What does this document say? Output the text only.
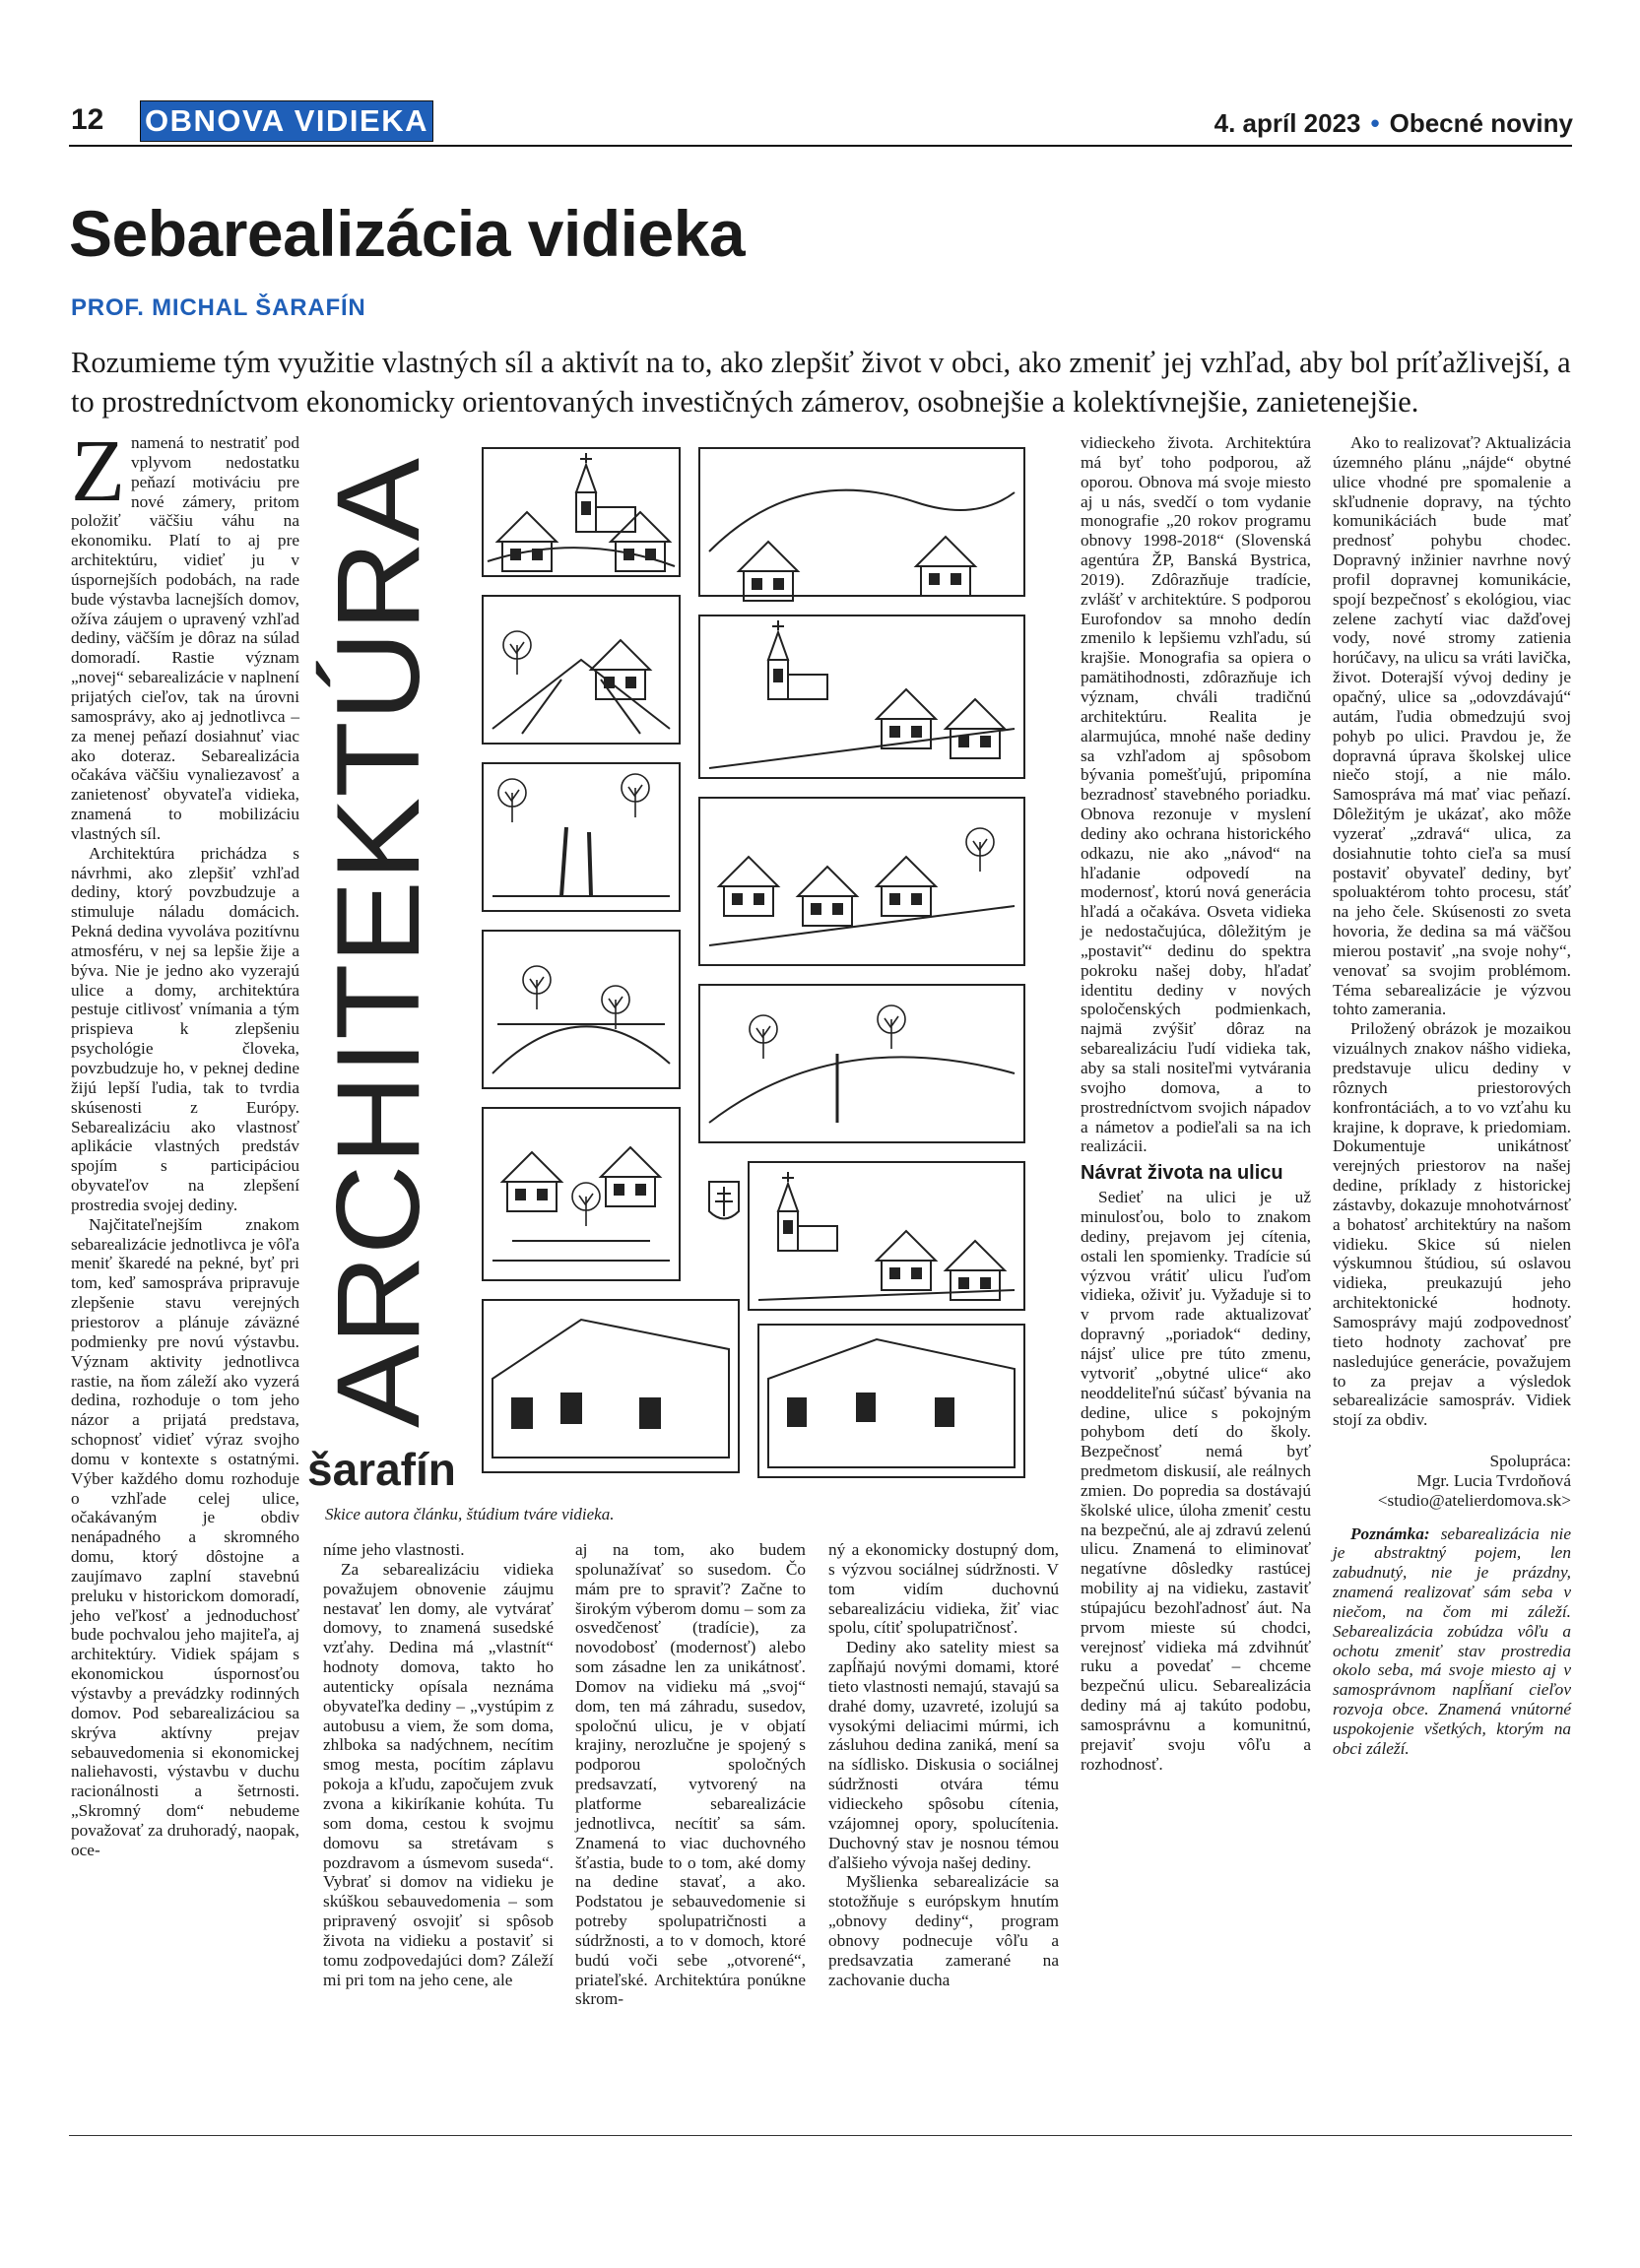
12 OBNOVA VIDIEKA	4. apríl 2023 • Obecné noviny
Sebarealizácia vidieka
PROF. MICHAL ŠARAFÍN
Rozumieme tým využitie vlastných síl a aktivít na to, ako zlepšiť život v obci, ako zmeniť jej vzhľad, aby bol príťažlivejší, a to prostredníctvom ekonomicky orientovaných investičných zámerov, osobnejšie a kolektívnejšie, zanietenejšie.

Znamená to nestratiť pod vplyvom nedostatku peňazí motiváciu pre nové zámery, pritom položiť väčšiu váhu na ekonomiku. Platí to aj pre architektúru, vidieť ju v úspornejších podobách, na rade bude výstavba lacnejších domov, ožíva záujem o upravený vzhľad dediny, väčším je dôraz na súlad domoradí. Rastie význam „novej“ sebarealizácie v naplnení prijatých cieľov, tak na úrovni samosprávy, ako aj jednotlivca – za menej peňazí dosiahnuť viac ako doteraz. Sebarealizácia očakáva väčšiu vynaliezavosť a zanietenosť obyvateľa vidieka, znamená to mobilizáciu vlastných síl.

Architektúra prichádza s návrhmi, ako zlepšiť vzhľad dediny, ktorý povzbudzuje a stimuluje náladu domácich. Pekná dedina vyvoláva pozitívnu atmosféru, v nej sa lepšie žije a býva. Nie je jedno ako vyzerajú ulice a domy, architektúra pestuje citlivosť vnímania a tým prispieva k zlepšeniu psychológie človeka, povzbudzuje ho, v peknej dedine žijú lepší ľudia, tak to tvrdia skúsenosti z Európy. Sebarealizáciu ako vlastnosť aplikácie vlastných predstáv spojím s participáciou obyvateľov na zlepšení prostredia svojej dediny.

Najčitateľnejším znakom sebarealizácie jednotlivca je vôľa meniť škaredé na pekné, byť pri tom, keď samospráva pripravuje zlepšenie stavu verejných priestorov a plánuje záväzné podmienky pre novú výstavbu. Význam aktivity jednotlivca rastie, na ňom záleží ako vyzerá dedina, rozhoduje o tom jeho názor a prijatá predstava, schopnosť vidieť výraz svojho domu v kontexte s ostatnými. Výber každého domu rozhoduje o vzhľade celej ulice, očakávaným je obdiv nenápadného a skromného domu, ktorý dôstojne a zaujímavo zaplní stavebnú preluku v historickom domoradí, jeho veľkosť a jednoduchosť bude pochvalou jeho majiteľa, aj architektúry. Vidiek spájam s ekonomickou úspornosťou výstavby a prevádzky rodinných domov. Pod sebarealizáciou sa skrýva aktívny prejav sebauvedomenia si ekonomickej naliehavosti, výstavbu v duchu racionálnosti a šetrnosti. „Skromný dom“ nebudeme považovať za druhoradý, naopak, oce-

ARCHITEKTÚRA
šarafín
Skice autora článku, štúdium tváre vidieka.

níme jeho vlastnosti.

Za sebarealizáciu vidieka považujem obnovenie záujmu nestavať len domy, ale vytvárať domovy, to znamená susedské vzťahy. Dedina má „vlastnít“ hodnoty domova, takto ho autenticky opísala neznáma obyvateľka dediny – „vystúpim z autobusu a viem, že som doma, zhlboka sa nadýchnem, necítim smog mesta, pocítim záplavu pokoja a kľudu, započujem zvuk zvona a kikiríkanie kohúta. Tu som doma, cestou k svojmu domovu sa stretávam s pozdravom a úsmevom suseda“. Vybrať si domov na vidieku je skúškou sebauvedomenia – som pripravený osvojiť si spôsob života na vidieku a postaviť si tomu zodpovedajúci dom? Záleží mi pri tom na jeho cene, ale

aj na tom, ako budem spolunažívať so susedom. Čo mám pre to spraviť? Začne to širokým výberom domu – som za osvedčenosť (tradície), za novodobosť (modernosť) alebo som zásadne len za unikátnosť. Domov na vidieku má „svoj“ dom, ten má záhradu, susedov, spoločnú ulicu, je v objatí krajiny, nerozlučne je spojený s podporou spoločných predsavzatí, vytvorený na platforme sebarealizácie jednotlivca, necítiť sa sám. Znamená to viac duchovného šťastia, bude to o tom, aké domy na dedine stavať, a ako. Podstatou je sebauvedomenie si potreby spolupatričnosti a súdržnosti, a to v domoch, ktoré budú voči sebe „otvorené“, priateľské. Architektúra ponúkne skrom-

ný a ekonomicky dostupný dom, s výzvou sociálnej súdržnosti. V tom vidím duchovnú sebarealizáciu vidieka, žiť viac spolu, cítiť spolupatričnosť.

Dediny ako satelity miest sa zapĺňajú novými domami, ktoré tieto vlastnosti nemajú, stavajú sa drahé domy, uzavreté, izolujú sa vysokými deliacimi múrmi, ich zásluhou dedina zaniká, mení sa na sídlisko. Diskusia o sociálnej súdržnosti otvára tému vidieckeho spôsobu cítenia, vzájomnej opory, spolucítenia. Duchovný stav je nosnou témou ďalšieho vývoja našej dediny.

Myšlienka sebarealizácie sa stotožňuje s európskym hnutím „obnovy dediny“, program obnovy podnecuje vôľu a predsavzatia zamerané na zachovanie ducha

vidieckeho života. Architektúra má byť toho podporou, až oporou. Obnova má svoje miesto aj u nás, svedčí o tom vydanie monografie „20 rokov programu obnovy 1998-2018“ (Slovenská agentúra ŽP, Banská Bystrica, 2019). Zdôrazňuje tradície, zvlášť v architektúre. S podporou Eurofondov sa mnoho dedín zmenilo k lepšiemu vzhľadu, sú krajšie. Monografia sa opiera o pamätihodnosti, zdôrazňuje ich význam, chváli tradičnú architektúru. Realita je alarmujúca, mnohé naše dediny sa vzhľadom aj spôsobom bývania pomešťujú, pripomína bezradnosť stavebného poriadku. Obnova rezonuje v myslení dediny ako ochrana historického odkazu, nie ako „návod“ na hľadanie odpovedí na modernosť, ktorú nová generácia hľadá a očakáva. Osveta vidieka je nedostačujúca, dôležitým je „postaviť“ dedinu do spektra pokroku našej doby, hľadať identitu dediny v nových spoločenských podmienkach, najmä zvýšiť dôraz na sebarealizáciu ľudí vidieka tak, aby sa stali nositeľmi vytvárania svojho domova, a to prostredníctvom svojich nápadov a námetov a podieľali sa na ich realizácii.

Návrat života na ulicu

Sedieť na ulici je už minulosťou, bolo to znakom dediny, prejavom jej cítenia, ostali len spomienky. Tradície sú výzvou vrátiť ulicu ľuďom vidieka, oživiť ju. Vyžaduje si to v prvom rade aktualizovať dopravný „poriadok“ dediny, nájsť ulice pre túto zmenu, vytvoriť „obytné ulice“ ako neoddeliteľnú súčasť bývania na dedine, ulice s pokojným pohybom detí do školy. Bezpečnosť nemá byť predmetom diskusií, ale reálnych zmien. Do popredia sa dostávajú školské ulice, úloha zmeniť cestu na bezpečnú, ale aj zdravú zelenú ulicu. Znamená to eliminovať negatívne dôsledky rastúcej mobility aj na vidieku, zastaviť stúpajúcu bezohľadnosť áut. Na prvom mieste sú chodci, verejnosť vidieka má zdvihnúť ruku a povedať – chceme bezpečnú ulicu. Sebarealizácia dediny má aj takúto podobu, samosprávnu a komunitnú, prejaviť svoju vôľu a rozhodnosť.

Ako to realizovať? Aktualizácia územného plánu „nájde“ obytné ulice vhodné pre spomalenie a skľudnenie dopravy, na týchto komunikáciách bude mať prednosť pohybu chodec. Dopravný inžinier navrhne nový profil dopravnej komunikácie, spojí bezpečnosť s ekológiou, viac zelene zachytí viac dažďovej vody, nové stromy zatienia horúčavy, na ulicu sa vráti lavička, život. Doterajší vývoj dediny je opačný, ulice sa „odovzdávajú“ autám, ľudia obmedzujú svoj pohyb po ulici. Pravdou je, že dopravná úprava školskej ulice niečo stojí, a nie málo. Samospráva má mať viac peňazí. Dôležitým je ukázať, ako môže vyzerať „zdravá“ ulica, za dosiahnutie tohto cieľa sa musí postaviť obyvateľ dediny, byť spoluaktérom tohto procesu, stáť na jeho čele. Skúsenosti zo sveta hovoria, že dedina sa má väčšou mierou postaviť „na svoje nohy“, venovať sa svojim problémom. Téma sebarealizácie je výzvou tohto zamerania.

Priložený obrázok je mozaikou vizuálnych znakov nášho vidieka, predstavuje ulicu dediny v rôznych priestorových konfrontáciách, a to vo vzťahu ku krajine, k doprave, k priedomiam. Dokumentuje unikátnosť verejných priestorov na našej dedine, príklady z historickej zástavby, dokazuje mnohotvárnosť a bohatosť architektúry na našom vidieku. Skice sú nielen výskumnou štúdiou, sú oslavou vidieka, preukazujú jeho architektonické hodnoty. Samosprávy majú zodpovednosť tieto hodnoty zachovať pre nasledujúce generácie, považujem to za prejav a výsledok sebarealizácie samospráv. Vidiek stojí za obdiv.

Spolupráca:

Mgr. Lucia Tvrdoňová

<studio@atelierdomova.sk>

Poznámka: sebarealizácia nie je abstraktný pojem, len zabudnutý, nie je prázdny, znamená realizovať sám seba v niečom, na čom mi záleží. Sebarealizácia zobúdza vôľu a ochotu zmeniť stav prostredia okolo seba, má svoje miesto aj v samosprávnom napĺňaní cieľov rozvoja obce. Znamená vnútorné uspokojenie všetkých, ktorým na obci záleží.
